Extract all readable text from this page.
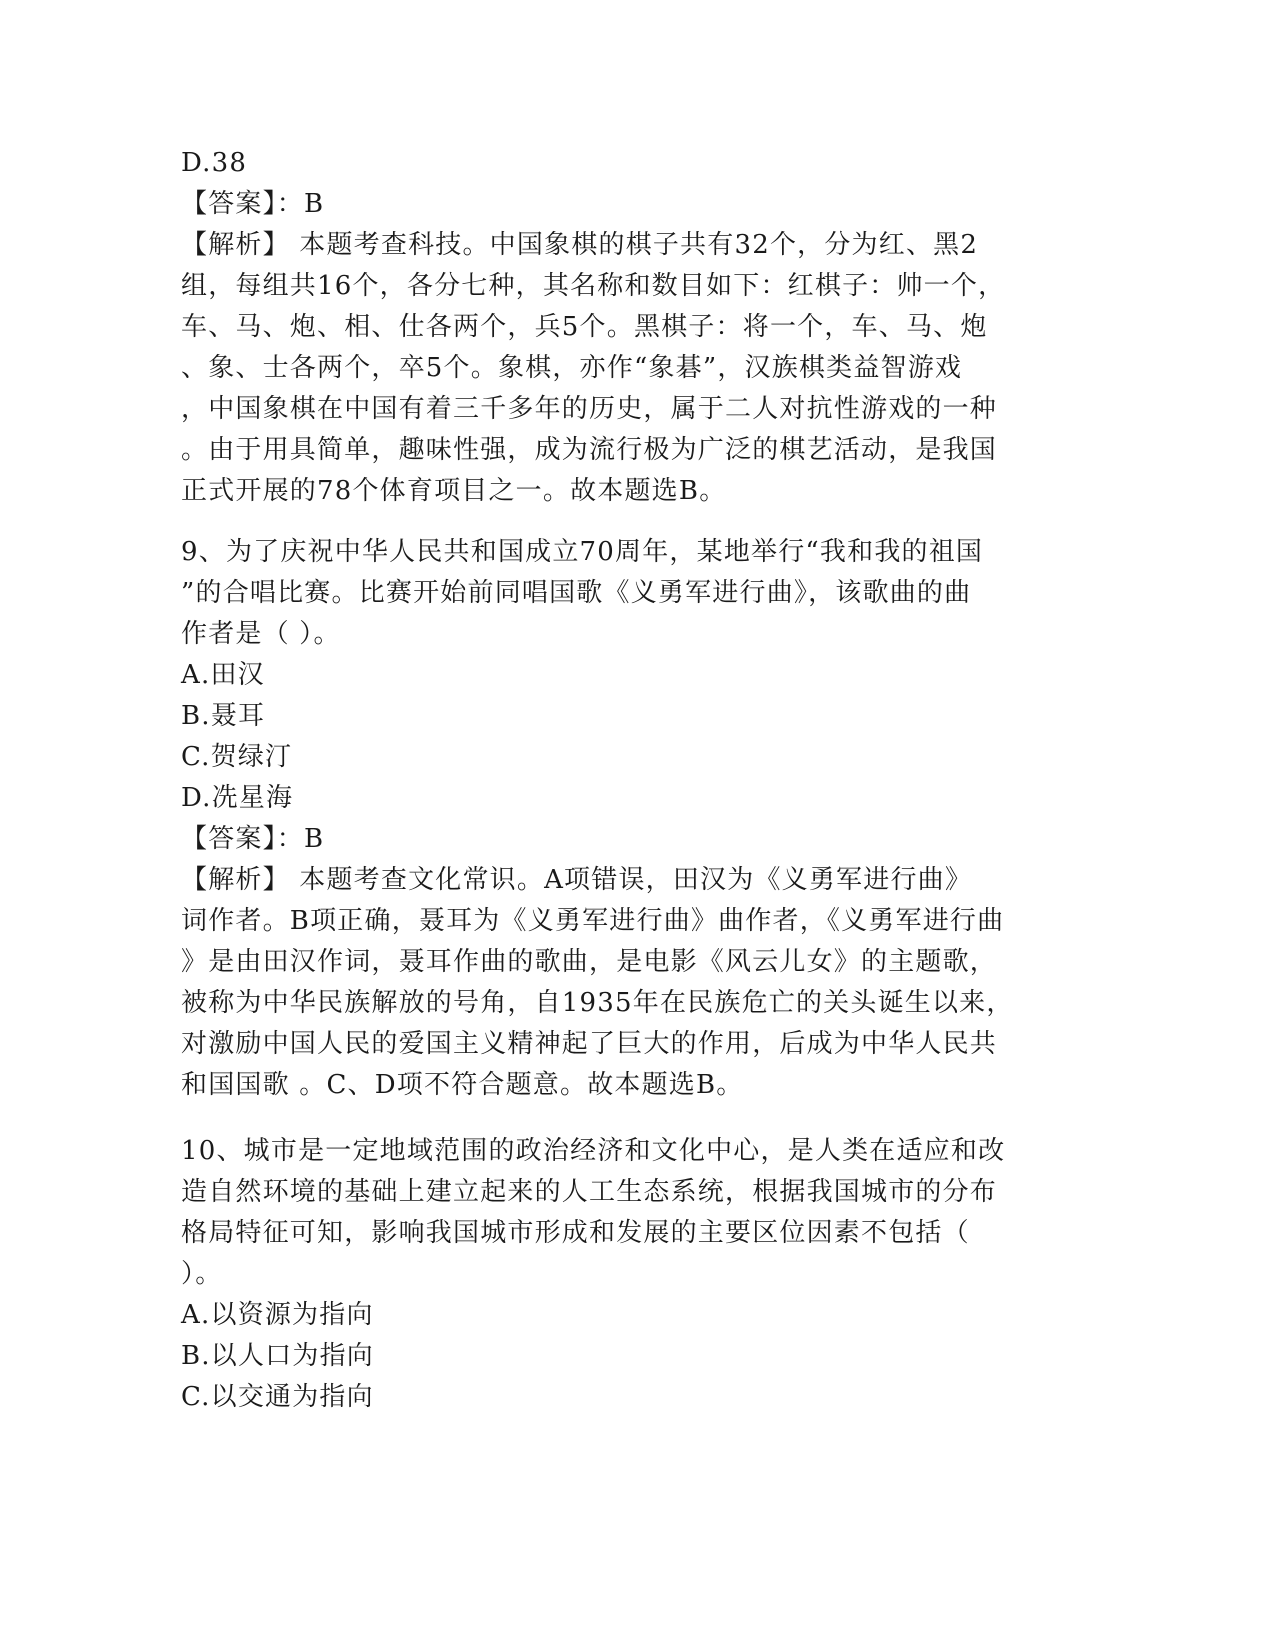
D.38
【答案】：B
【解析】 本题考查科技。中国象棋的棋子共有32个，分为红、黑2
组，每组共16个，各分七种，其名称和数目如下：红棋子：帅一个，
车、马、炮、相、仕各两个，兵5个。黑棋子：将一个，车、马、炮
、象、士各两个，卒5个。象棋，亦作“象碁”，汉族棋类益智游戏
，中国象棋在中国有着三千多年的历史，属于二人对抗性游戏的一种
。由于用具简单，趣味性强，成为流行极为广泛的棋艺活动，是我国
正式开展的78个体育项目之一。故本题选B。
9、为了庆祝中华人民共和国成立70周年，某地举行“我和我的祖国
”的合唱比赛。比赛开始前同唱国歌《义勇军进行曲》，该歌曲的曲
作者是（ ）。
A.田汉
B.聂耳
C.贺绿汀
D.冼星海
【答案】：B
【解析】 本题考查文化常识。A项错误，田汉为《义勇军进行曲》
词作者。B项正确，聂耳为《义勇军进行曲》曲作者，《义勇军进行曲
》是由田汉作词，聂耳作曲的歌曲，是电影《风云儿女》的主题歌，
被称为中华民族解放的号角，自1935年在民族危亡的关头诞生以来，
对激励中国人民的爱国主义精神起了巨大的作用，后成为中华人民共
和国国歌 。C、D项不符合题意。故本题选B。
10、城市是一定地域范围的政治经济和文化中心，是人类在适应和改
造自然环境的基础上建立起来的人工生态系统，根据我国城市的分布
格局特征可知，影响我国城市形成和发展的主要区位因素不包括（
）。
A.以资源为指向
B.以人口为指向
C.以交通为指向
